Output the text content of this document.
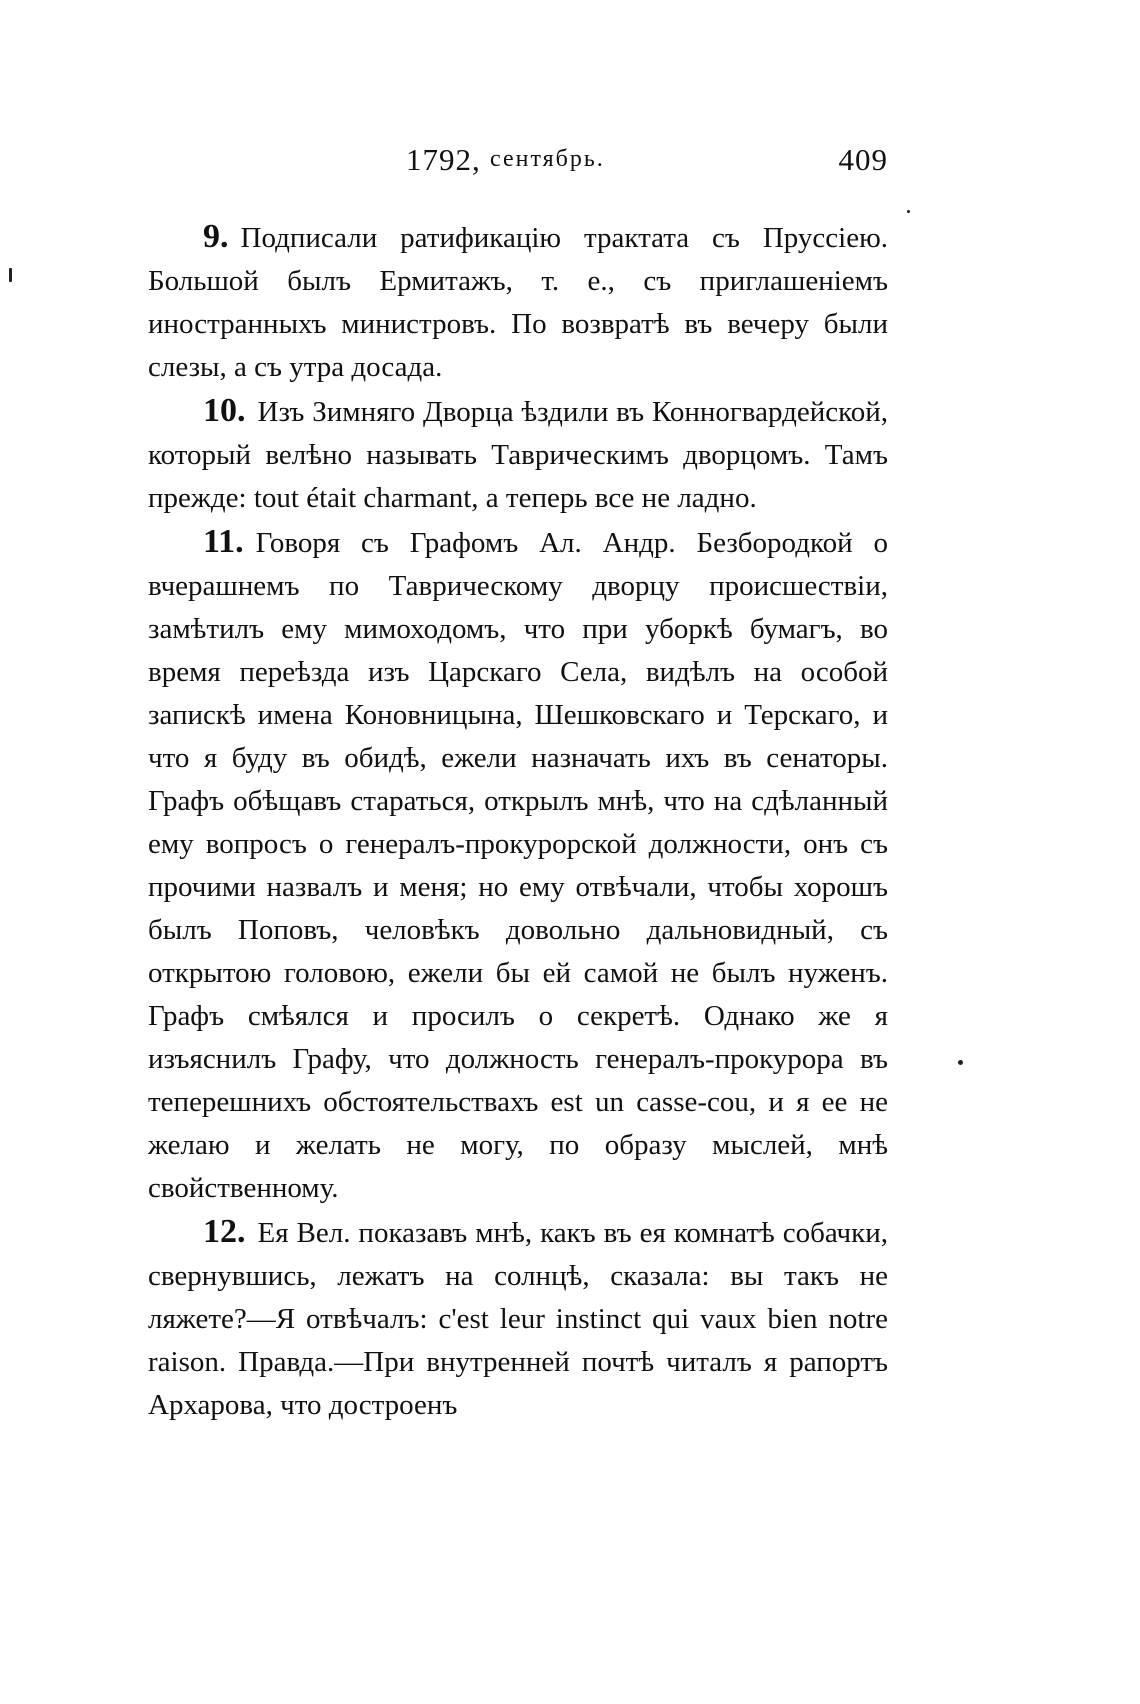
1792, сентябрь.	409

9. Подписали ратификацію трактата съ Пруссіею. Большой былъ Ермитажъ, т. е., съ приглашеніемъ иностранныхъ министровъ. По возвратѣ въ вечеру были слезы, а съ утра досада.

10. Изъ Зимняго Дворца ѣздили въ Конногвардейской, который велѣно называть Таврическимъ дворцомъ. Тамъ прежде: tout était charmant, а теперь все не ладно.

11. Говоря съ Графомъ Ал. Андр. Безбородкой о вчерашнемъ по Таврическому дворцу происшествіи, замѣтилъ ему мимоходомъ, что при уборкѣ бумагъ, во время переѣзда изъ Царскаго Села, видѣлъ на особой запискѣ имена Коновницына, Шешковскаго и Терскаго, и что я буду въ обидѣ, ежели назначать ихъ въ сенаторы. Графъ обѣщавъ стараться, открылъ мнѣ, что на сдѣланный ему вопросъ о генералъ-прокурорской должности, онъ съ прочими назвалъ и меня; но ему отвѣчали, чтобы хорошъ былъ Поповъ, человѣкъ довольно дальновидный, съ открытою головою, ежели бы ей самой не былъ нуженъ. Графъ смѣялся и просилъ о секретѣ. Однако же я изъяснилъ Графу, что должность генералъ-прокурора въ теперешнихъ обстоятельствахъ est un casse-cou, и я ее не желаю и желать не могу, по образу мыслей, мнѣ свойственному.

12. Ея Вел. показавъ мнѣ, какъ въ ея комнатѣ собачки, свернувшись, лежатъ на солнцѣ, сказала: вы такъ не ляжете?—Я отвѣчалъ: c'est leur instinct qui vaux bien notre raison. Правда.—При внутренней почтѣ читалъ я рапортъ Архарова, что достроенъ
